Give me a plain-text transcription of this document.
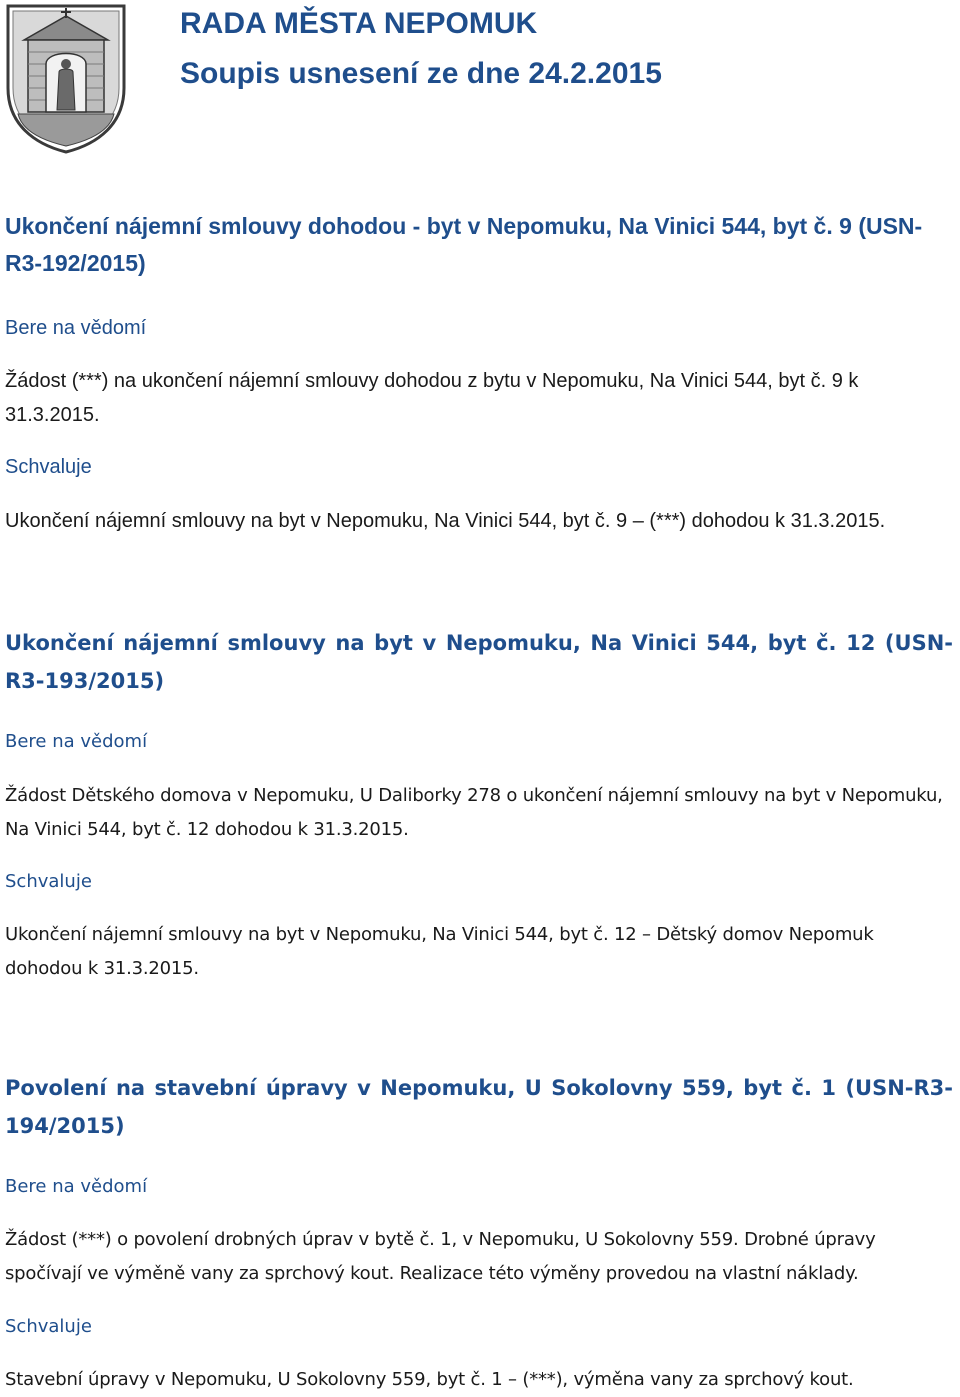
RADA MĚSTA NEPOMUK
Soupis usnesení ze dne 24.2.2015
Ukončení nájemní smlouvy dohodou - byt v Nepomuku, Na Vinici 544, byt č. 9 (USN-R3-192/2015)

Bere na vědomí

Žádost (***) na ukončení nájemní smlouvy dohodou z bytu v Nepomuku, Na Vinici 544, byt č. 9 k 31.3.2015.

Schvaluje

Ukončení nájemní smlouvy na byt v Nepomuku, Na Vinici 544, byt č. 9 – (***) dohodou k 31.3.2015.

Ukončení nájemní smlouvy na byt v Nepomuku, Na Vinici 544, byt č. 12 (USN-R3-193/2015)

Bere na vědomí

Žádost Dětského domova v Nepomuku, U Daliborky 278 o ukončení nájemní smlouvy na byt v Nepomuku, Na Vinici 544, byt č. 12 dohodou k 31.3.2015.

Schvaluje

Ukončení nájemní smlouvy na byt v Nepomuku, Na Vinici 544, byt č. 12 – Dětský domov Nepomuk dohodou k 31.3.2015.

Povolení na stavební úpravy v Nepomuku, U Sokolovny 559, byt č. 1 (USN-R3-194/2015)

Bere na vědomí

Žádost (***) o povolení drobných úprav v bytě č. 1, v Nepomuku, U Sokolovny 559. Drobné úpravy spočívají ve výměně vany za sprchový kout. Realizace této výměny provedou na vlastní náklady.

Schvaluje

Stavební úpravy v Nepomuku, U Sokolovny 559, byt č. 1 – (***), výměna vany za sprchový kout.
